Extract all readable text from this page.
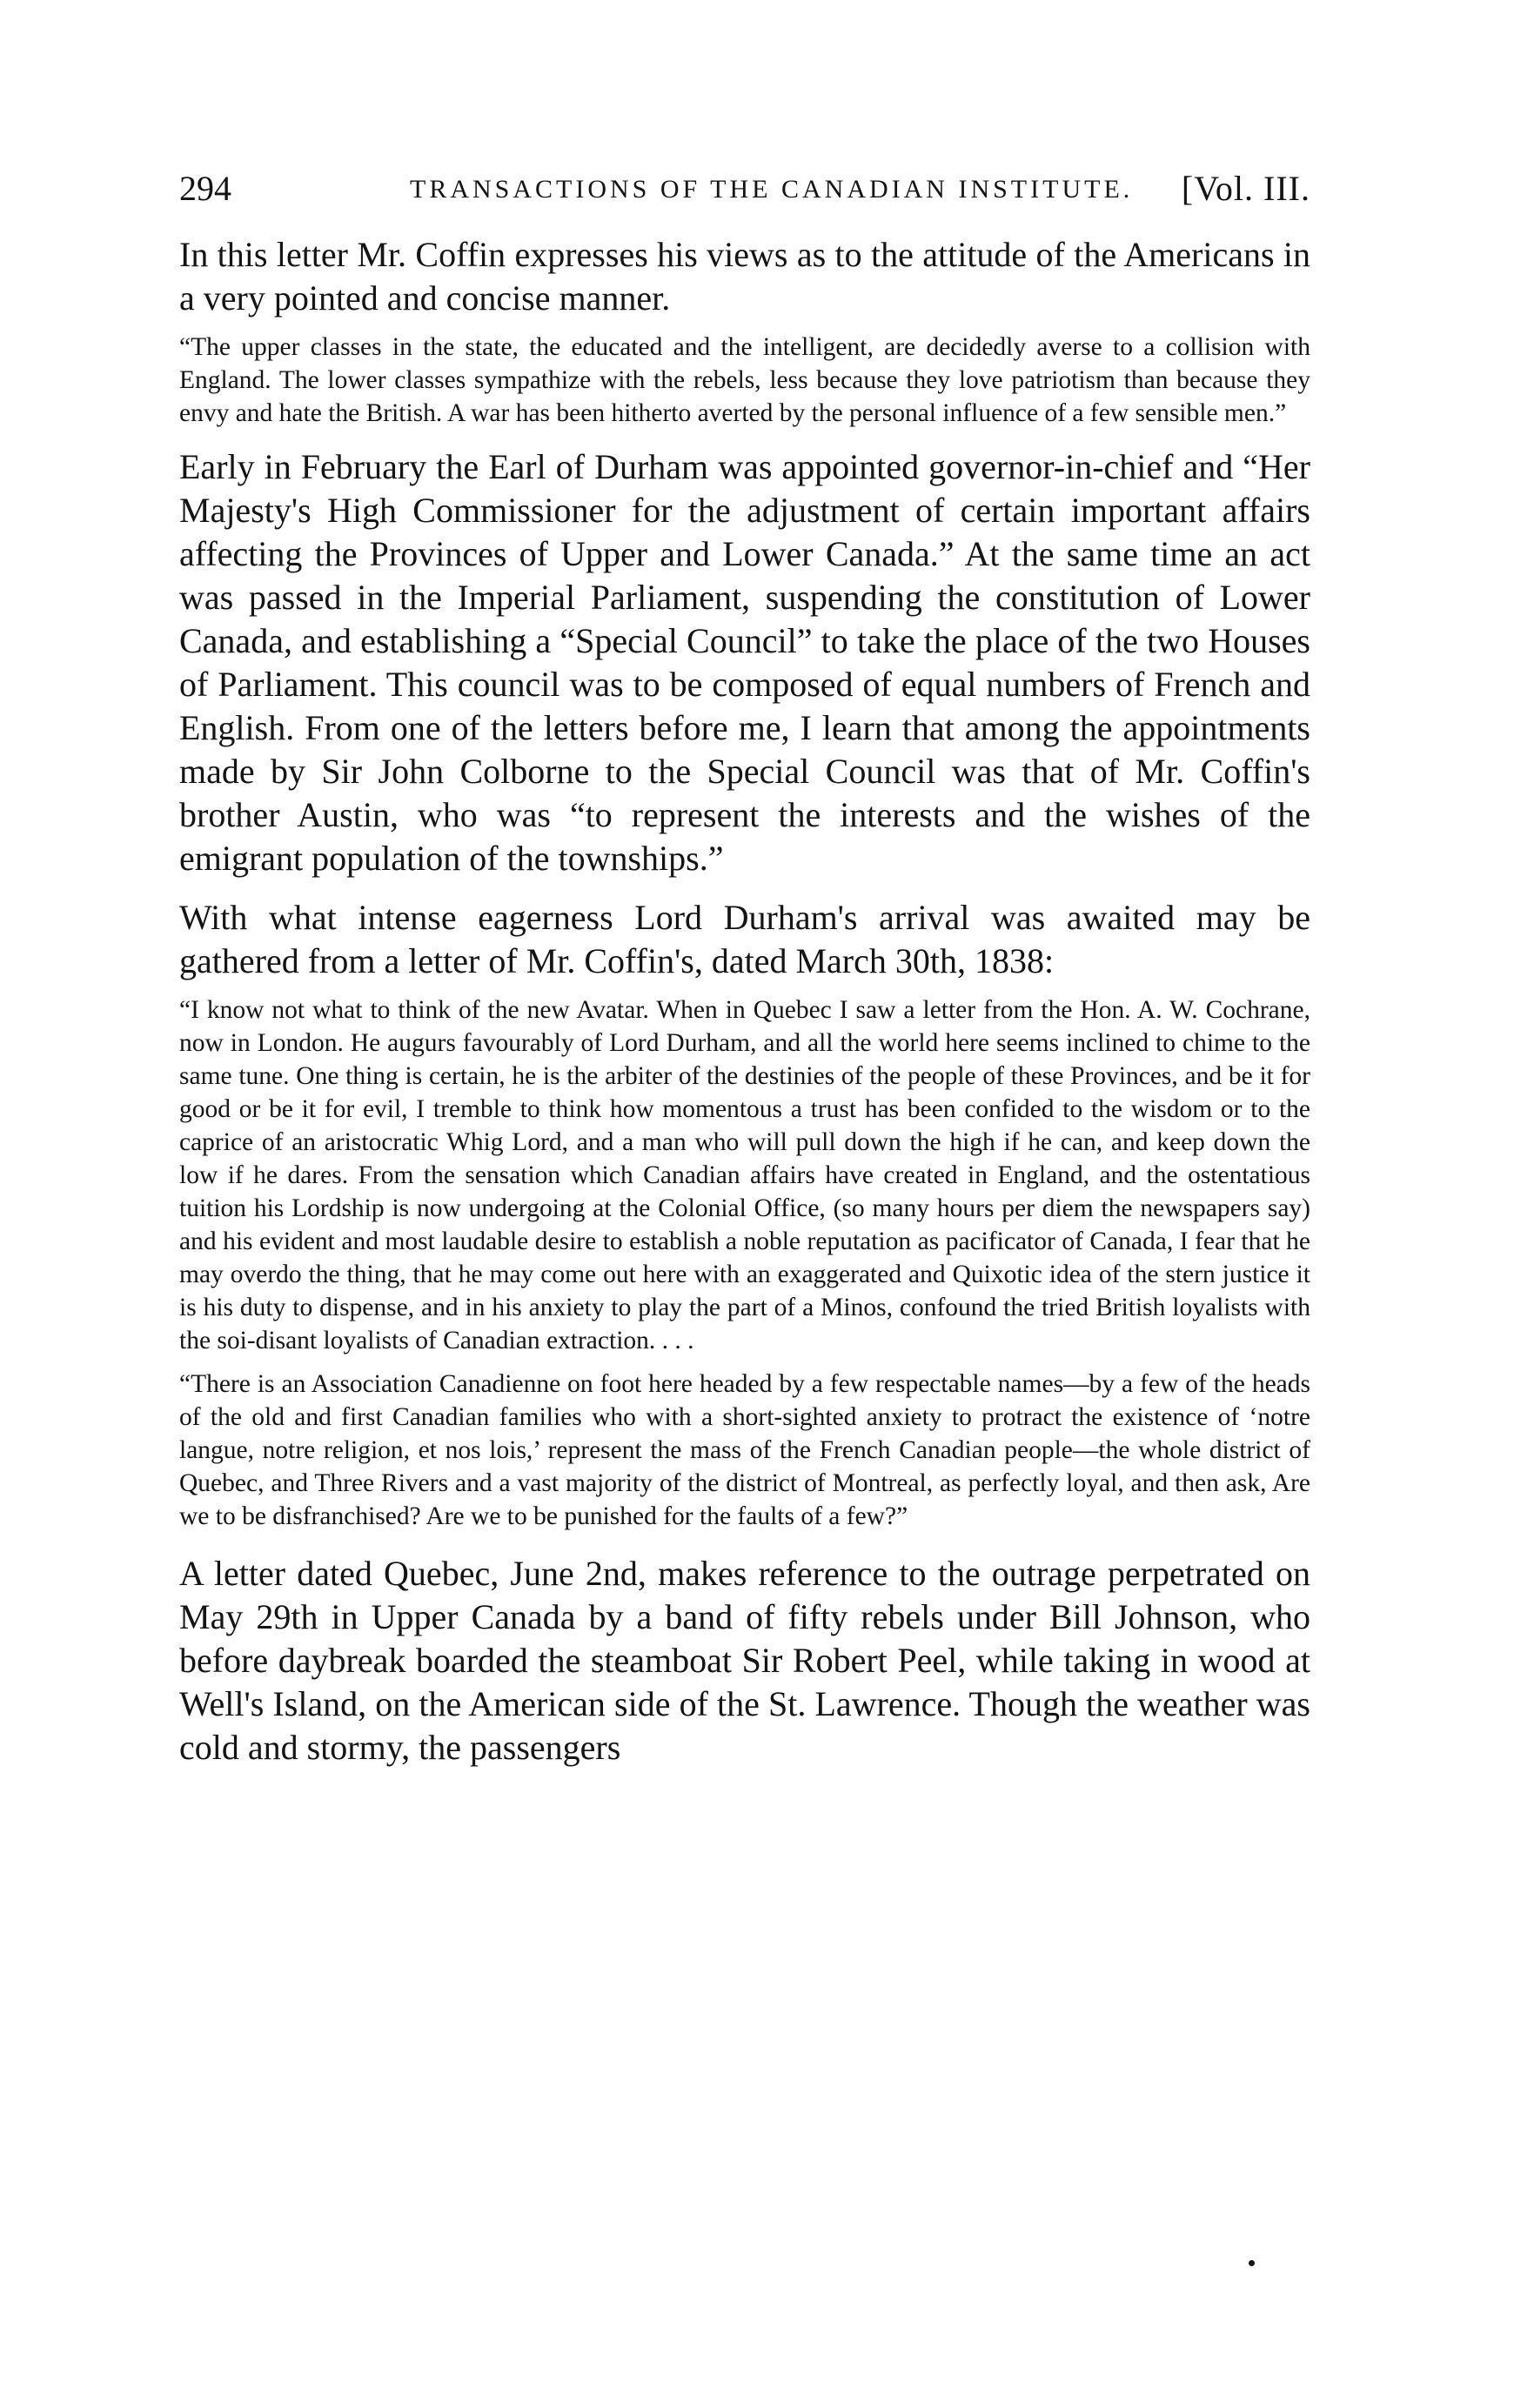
294	TRANSACTIONS OF THE CANADIAN INSTITUTE. [Vol. III.

In this letter Mr. Coffin expresses his views as to the attitude of the Americans in a very pointed and concise manner.

“The upper classes in the state, the educated and the intelligent, are decidedly averse to a collision with England. The lower classes sympathize with the rebels, less because they love patriotism than because they envy and hate the British. A war has been hitherto averted by the personal influence of a few sensible men.”

Early in February the Earl of Durham was appointed governor-in-chief and “Her Majesty's High Commissioner for the adjustment of certain important affairs affecting the Provinces of Upper and Lower Canada.” At the same time an act was passed in the Imperial Parliament, suspending the constitution of Lower Canada, and establishing a “Special Council” to take the place of the two Houses of Parliament. This council was to be composed of equal numbers of French and English. From one of the letters before me, I learn that among the appointments made by Sir John Colborne to the Special Council was that of Mr. Coffin's brother Austin, who was “to represent the interests and the wishes of the emigrant population of the townships.”

With what intense eagerness Lord Durham's arrival was awaited may be gathered from a letter of Mr. Coffin's, dated March 30th, 1838:

“I know not what to think of the new Avatar. When in Quebec I saw a letter from the Hon. A. W. Cochrane, now in London. He augurs favourably of Lord Durham, and all the world here seems inclined to chime to the same tune. One thing is certain, he is the arbiter of the destinies of the people of these Provinces, and be it for good or be it for evil, I tremble to think how momentous a trust has been confided to the wisdom or to the caprice of an aristocratic Whig Lord, and a man who will pull down the high if he can, and keep down the low if he dares. From the sensation which Canadian affairs have created in England, and the ostentatious tuition his Lordship is now undergoing at the Colonial Office, (so many hours per diem the newspapers say) and his evident and most laudable desire to establish a noble reputation as pacificator of Canada, I fear that he may overdo the thing, that he may come out here with an exaggerated and Quixotic idea of the stern justice it is his duty to dispense, and in his anxiety to play the part of a Minos, confound the tried British loyalists with the soi-disant loyalists of Canadian extraction. . . .

“There is an Association Canadienne on foot here headed by a few respectable names—by a few of the heads of the old and first Canadian families who with a short-sighted anxiety to protract the existence of ‘notre langue, notre religion, et nos lois,’ represent the mass of the French Canadian people—the whole district of Quebec, and Three Rivers and a vast majority of the district of Montreal, as perfectly loyal, and then ask, Are we to be disfranchised? Are we to be punished for the faults of a few?”

A letter dated Quebec, June 2nd, makes reference to the outrage perpetrated on May 29th in Upper Canada by a band of fifty rebels under Bill Johnson, who before daybreak boarded the steamboat Sir Robert Peel, while taking in wood at Well's Island, on the American side of the St. Lawrence. Though the weather was cold and stormy, the passengers
